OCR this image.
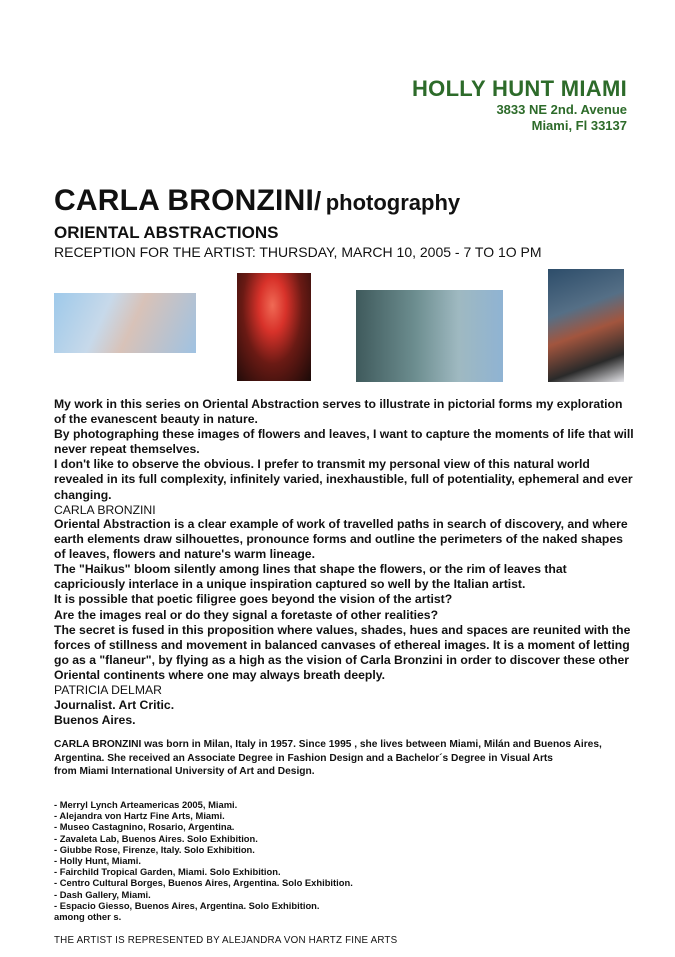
HOLLY HUNT MIAMI
3833 NE 2nd. Avenue
Miami, Fl 33137
CARLA BRONZINI/ photography
ORIENTAL ABSTRACTIONS
RECEPTION FOR THE ARTIST: THURSDAY, MARCH 10, 2005 - 7 TO 1O PM
My work in this series on Oriental Abstraction serves to illustrate in pictorial forms my exploration of the evanescent beauty in nature.
By photographing these images of flowers and leaves, I want to capture the moments of life that will never repeat themselves.
I don't like to observe the obvious. I prefer to transmit my personal view of this natural world revealed in its full complexity, infinitely varied, inexhaustible, full of potentiality, ephemeral and ever changing.
CARLA BRONZINI
Oriental Abstraction is a clear example of work of travelled paths in search of discovery, and where earth elements draw silhouettes, pronounce forms and outline the perimeters of the naked shapes of leaves, flowers and nature's warm lineage.
The "Haikus" bloom silently among lines that shape the flowers, or the rim of leaves that capriciously interlace in a unique inspiration captured so well by the Italian artist.
It is possible that poetic filigree goes beyond the vision of the artist?
Are the images real or do they signal a foretaste of other realities?
The secret is fused in this proposition where values, shades, hues and spaces are reunited with the forces of stillness and movement in balanced canvases of ethereal images. It is a moment of letting go as a "flaneur", by flying as a high as the vision of Carla Bronzini in order to discover these other Oriental continents where one may always breath deeply.
PATRICIA DELMAR
Journalist. Art Critic.
Buenos Aires.
CARLA BRONZINI was born in Milan, Italy in 1957. Since 1995 , she lives between Miami, Milán and Buenos Aires,
Argentina. She received an Associate Degree in Fashion Design and a Bachelor´s Degree in Visual Arts
from Miami International University of Art and Design.
- Merryl Lynch Arteamericas 2005, Miami.
- Alejandra von Hartz Fine Arts, Miami.
- Museo Castagnino, Rosario, Argentina.
- Zavaleta Lab, Buenos Aires. Solo Exhibition.
- Giubbe Rose, Firenze, Italy. Solo Exhibition.
- Holly Hunt, Miami.
- Fairchild Tropical Garden, Miami. Solo Exhibition.
- Centro Cultural Borges, Buenos Aires, Argentina. Solo Exhibition.
- Dash Gallery, Miami.
- Espacio Giesso, Buenos Aires, Argentina. Solo Exhibition.
among other s.
THE ARTIST IS REPRESENTED BY ALEJANDRA VON HARTZ FINE ARTS
